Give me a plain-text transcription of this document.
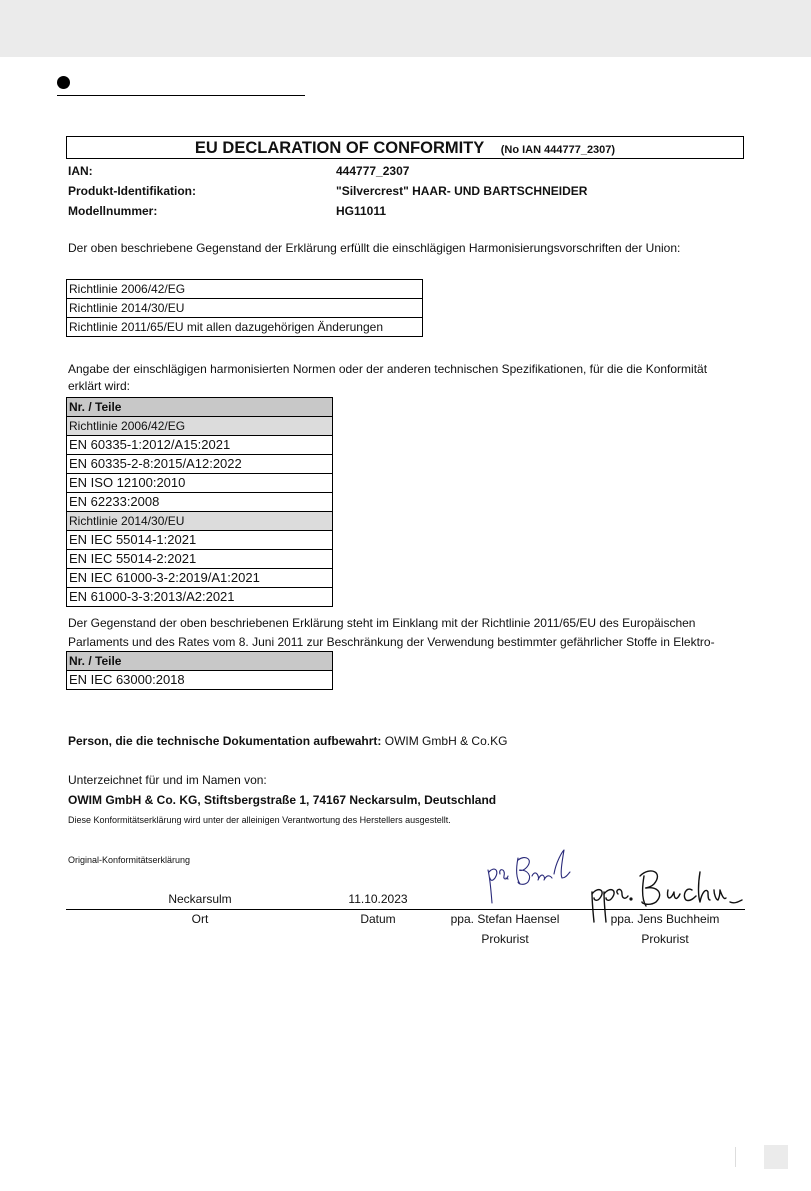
EU DECLARATION OF CONFORMITY (No IAN 444777_2307)
IAN:	444777_2307
Produkt-Identifikation:	"Silvercrest" HAAR- UND BARTSCHNEIDER
Modellnummer:	HG11011
Der oben beschriebene Gegenstand der Erklärung erfüllt die einschlägigen Harmonisierungsvorschriften der Union:
Richtlinie 2006/42/EG
Richtlinie 2014/30/EU
Richtlinie 2011/65/EU mit allen dazugehörigen Änderungen
Angabe der einschlägigen harmonisierten Normen oder der anderen technischen Spezifikationen, für die die Konformität
erklärt wird:
Nr. / Teile
Richtlinie 2006/42/EG
EN 60335-1:2012/A15:2021
EN 60335-2-8:2015/A12:2022
EN ISO 12100:2010
EN 62233:2008
Richtlinie 2014/30/EU
EN IEC 55014-1:2021
EN IEC 55014-2:2021
EN IEC 61000-3-2:2019/A1:2021
EN 61000-3-3:2013/A2:2021
Der Gegenstand der oben beschriebenen Erklärung steht im Einklang mit der Richtlinie 2011/65/EU des Europäischen
Parlaments und des Rates vom 8. Juni 2011 zur Beschränkung der Verwendung bestimmter gefährlicher Stoffe in Elektro-
Nr. / Teile
EN IEC 63000:2018
Person, die die technische Dokumentation aufbewahrt: OWIM GmbH & Co.KG
Unterzeichnet für und im Namen von:
OWIM GmbH & Co. KG, Stiftsbergstraße 1, 74167 Neckarsulm, Deutschland
Diese Konformitätserklärung wird unter der alleinigen Verantwortung des Herstellers ausgestellt.
Original-Konformitätserklärung
Neckarsulm	11.10.2023
Ort	Datum	ppa. Stefan Haensel	ppa. Jens Buchheim
Prokurist	Prokurist
